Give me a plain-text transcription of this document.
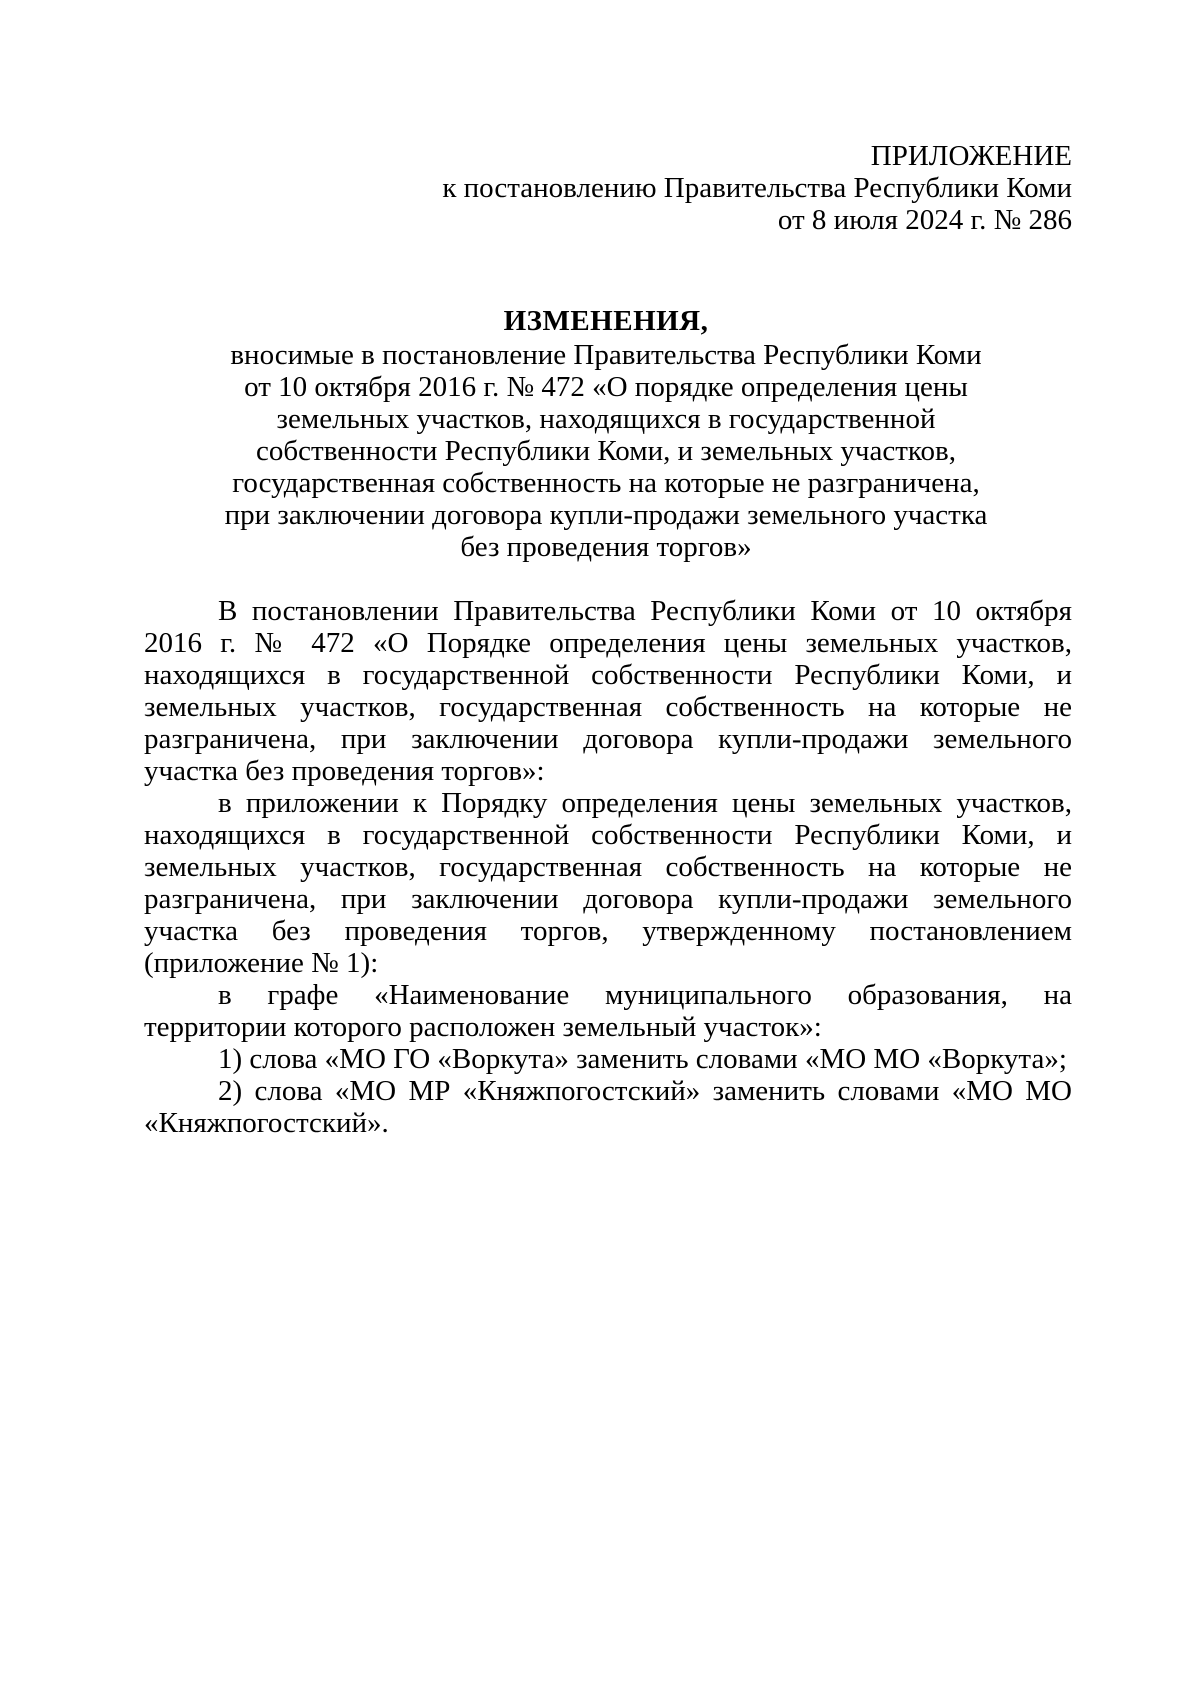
ПРИЛОЖЕНИЕ
к постановлению Правительства Республики Коми
от 8 июля 2024 г. № 286
ИЗМЕНЕНИЯ,
вносимые в постановление Правительства Республики Коми
от 10 октября 2016 г. № 472 «О порядке определения цены
земельных участков, находящихся в государственной
собственности Республики Коми, и земельных участков,
государственная собственность на которые не разграничена,
при заключении договора купли-продажи земельного участка
без проведения торгов»

В постановлении Правительства Республики Коми от 10 октября 2016 г. № 472 «О Порядке определения цены земельных участков, находящихся в государственной собственности Республики Коми, и земельных участков, государственная собственность на которые не разграничена, при заключении договора купли-продажи земельного участка без проведения торгов»:

в приложении к Порядку определения цены земельных участков, находящихся в государственной собственности Республики Коми, и земельных участков, государственная собственность на которые не разграничена, при заключении договора купли-продажи земельного участка без проведения торгов, утвержденному постановлением (приложение № 1):

в графе «Наименование муниципального образования, на территории которого расположен земельный участок»:

1) слова «МО ГО «Воркута» заменить словами «МО МО «Воркута»;

2) слова «МО МР «Княжпогостский» заменить словами «МО МО «Княжпогостский».
